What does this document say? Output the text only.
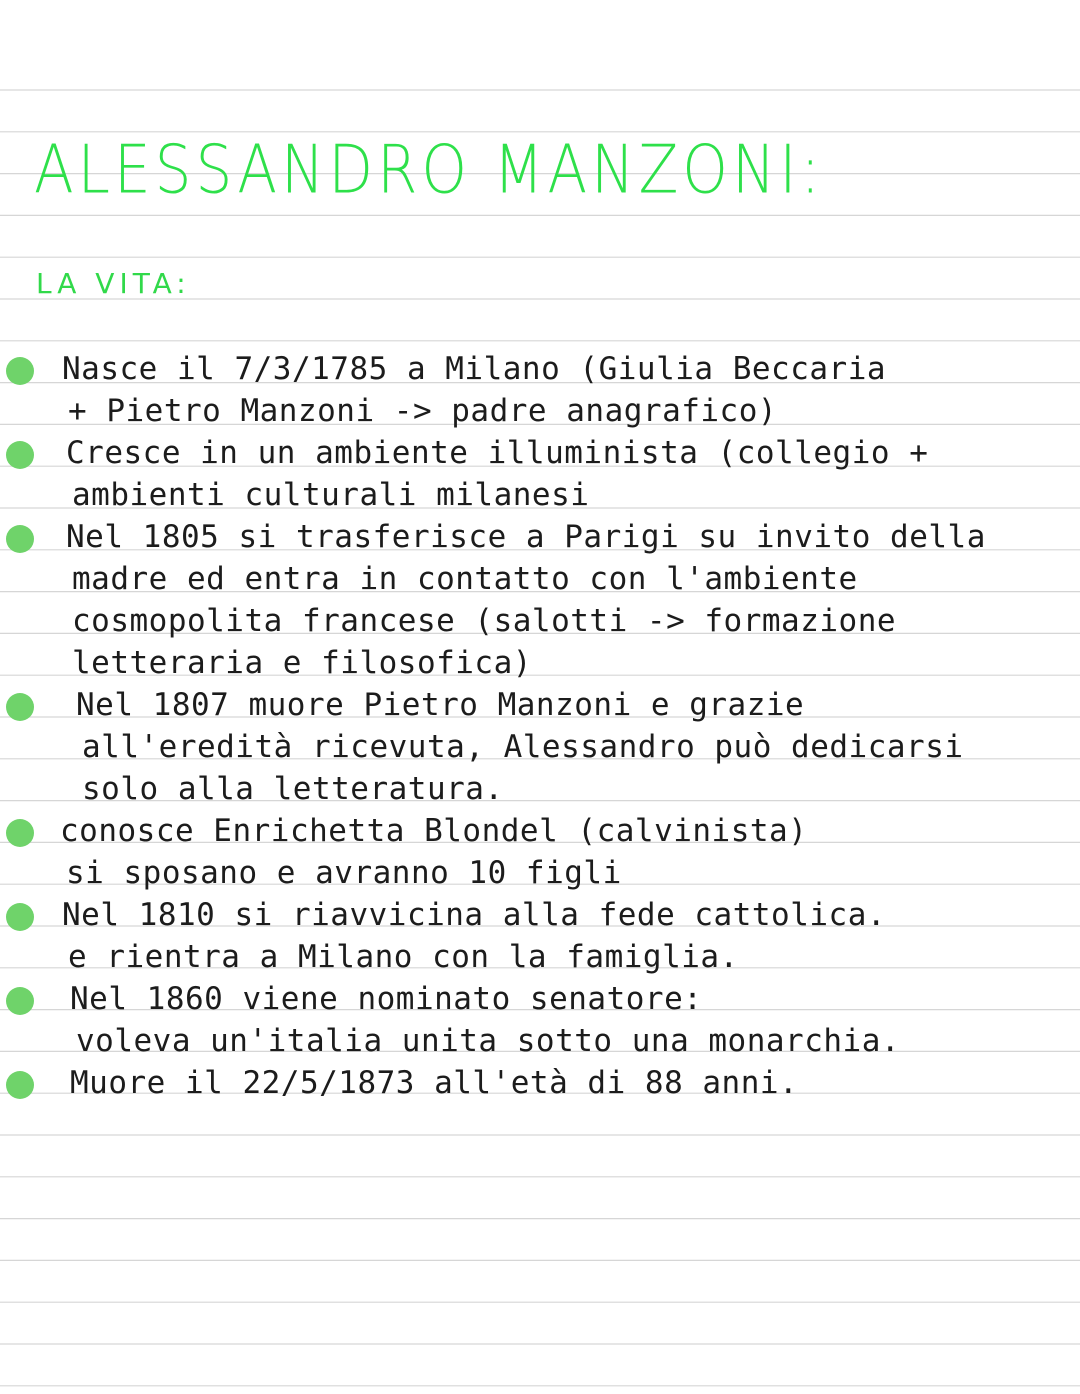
ALESSANDRO MANZONI:
LA VITA:
Nasce il 7/3/1785 a Milano (Giulia Beccaria
+ Pietro Manzoni -> padre anagrafico)
Cresce in un ambiente illuminista (collegio +
ambienti culturali milanesi
Nel 1805 si trasferisce a Parigi su invito della
madre ed entra in contatto con l'ambiente
cosmopolita francese (salotti -> formazione
letteraria e filosofica)
Nel 1807 muore Pietro Manzoni e grazie
all'eredità ricevuta, Alessandro può dedicarsi
solo alla letteratura.
conosce Enrichetta Blondel (calvinista)
si sposano e avranno 10 figli
Nel 1810 si riavvicina alla fede cattolica.
e rientra a Milano con la famiglia.
Nel 1860 viene nominato senatore:
voleva un'italia unita sotto una monarchia.
Muore il 22/5/1873 all'età di 88 anni.
